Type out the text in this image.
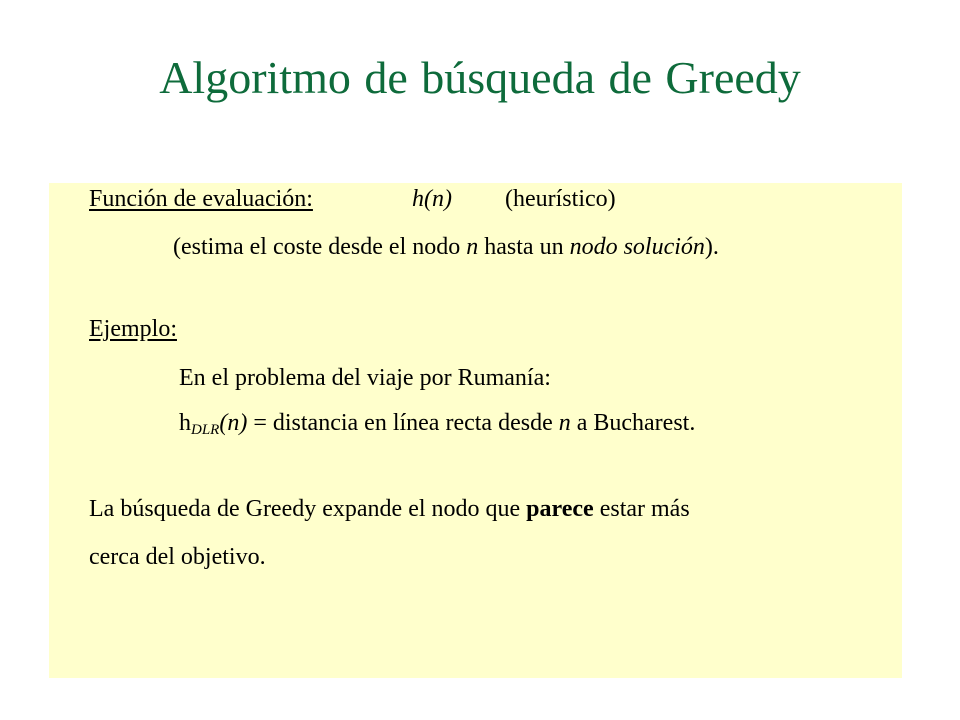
Algoritmo de búsqueda de Greedy
Función de evaluación:	h(n) (heurístico)
(estima el coste desde el nodo n hasta un nodo solución).
Ejemplo:
En el problema del viaje por Rumanía:
$h_{DLR}(n)$ = distancia en línea recta desde n a Bucharest.
La búsqueda de Greedy expande el nodo que parece estar más
cerca del objetivo.
